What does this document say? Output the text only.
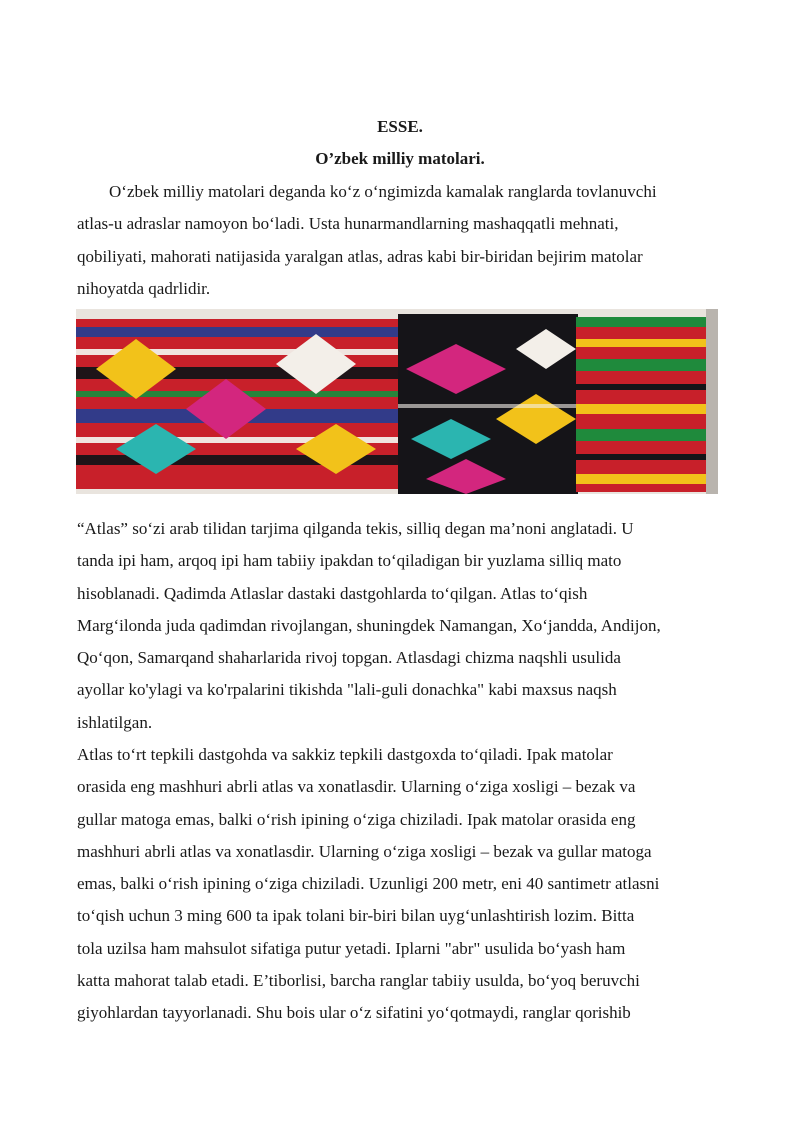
ESSE.
O’zbek milliy matolari.
O‘zbek milliy matolari deganda ko‘z o‘ngimizda kamalak ranglarda tovlanuvchi
atlas-u adraslar namoyon bo‘ladi. Usta hunarmandlarning mashaqqatli mehnati,
qobiliyati, mahorati natijasida yaralgan atlas, adras kabi bir-biridan bejirim matolar
nihoyatda qadrlidir.
“Atlas” so‘zi arab tilidan tarjima qilganda tekis, silliq degan ma’noni anglatadi. U
tanda ipi ham, arqoq ipi ham tabiiy ipakdan to‘qiladigan bir yuzlama silliq mato
hisoblanadi. Qadimda Atlaslar dastaki dastgohlarda to‘qilgan. Atlas to‘qish
Marg‘ilonda juda qadimdan rivojlangan, shuningdek Namangan, Xo‘jandda, Andijon,
Qo‘qon, Samarqand shaharlarida rivoj topgan. Atlasdagi chizma naqshli usulida
ayollar ko'ylagi va ko'rpalarini tikishda "lali-guli donachka" kabi maxsus naqsh
ishlatilgan.
Atlas to‘rt tepkili dastgohda va sakkiz tepkili dastgoxda to‘qiladi. Ipak matolar
orasida eng mashhuri abrli atlas va xonatlasdir. Ularning o‘ziga xosligi – bezak va
gullar matoga emas, balki o‘rish ipining o‘ziga chiziladi. Ipak matolar orasida eng
mashhuri abrli atlas va xonatlasdir. Ularning o‘ziga xosligi – bezak va gullar matoga
emas, balki o‘rish ipining o‘ziga chiziladi. Uzunligi 200 metr, eni 40 santimetr atlasni
to‘qish uchun 3 ming 600 ta ipak tolani bir-biri bilan uyg‘unlashtirish lozim. Bitta
tola uzilsa ham mahsulot sifatiga putur yetadi. Iplarni "abr" usulida bo‘yash ham
katta mahorat talab etadi. E’tiborlisi, barcha ranglar tabiiy usulda, bo‘yoq beruvchi
giyohlardan tayyorlanadi. Shu bois ular o‘z sifatini yo‘qotmaydi, ranglar qorishib
